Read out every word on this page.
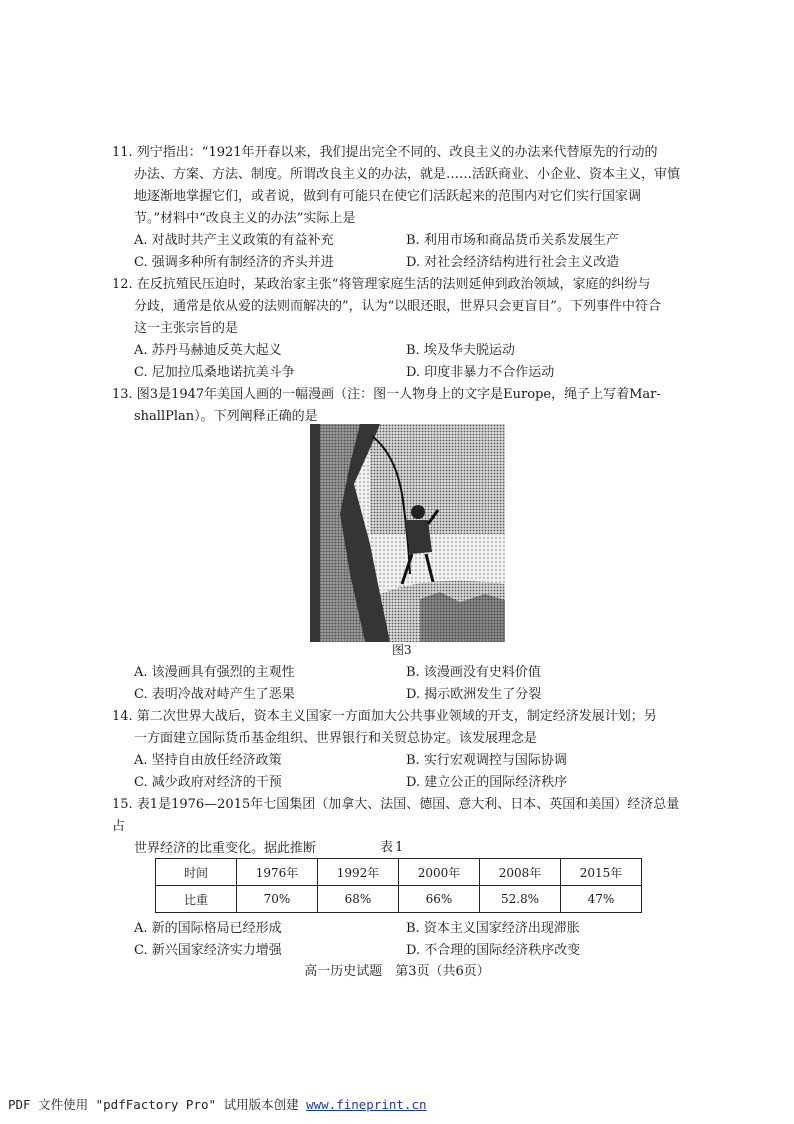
11. 列宁指出：“1921年开春以来，我们提出完全不同的、改良主义的办法来代替原先的行动的

办法、方案、方法、制度。所谓改良主义的办法，就是……活跃商业、小企业、资本主义，审慎

地逐渐地掌握它们，或者说，做到有可能只在使它们活跃起来的范围内对它们实行国家调

节。”材料中“改良主义的办法”实际上是

A. 对战时共产主义政策的有益补充	B. 利用市场和商品货币关系发展生产
C. 强调多种所有制经济的齐头并进	D. 对社会经济结构进行社会主义改造

12. 在反抗殖民压迫时，某政治家主张“将管理家庭生活的法则延伸到政治领域，家庭的纠纷与

分歧，通常是依从爱的法则而解决的”，认为“以眼还眼，世界只会更盲目”。下列事件中符合

这一主张宗旨的是

A. 苏丹马赫迪反英大起义	B. 埃及华夫脱运动
C. 尼加拉瓜桑地诺抗美斗争	D. 印度非暴力不合作运动

13. 图3是1947年美国人画的一幅漫画（注：图一人物身上的文字是Europe，绳子上写着Mar-

shallPlan）。下列阐释正确的是

图3
A. 该漫画具有强烈的主观性	B. 该漫画没有史料价值
C. 表明冷战对峙产生了恶果	D. 揭示欧洲发生了分裂

14. 第二次世界大战后，资本主义国家一方面加大公共事业领域的开支，制定经济发展计划；另

一方面建立国际货币基金组织、世界银行和关贸总协定。该发展理念是

A. 坚持自由放任经济政策	B. 实行宏观调控与国际协调
C. 减少政府对经济的干预	D. 建立公正的国际经济秩序

15. 表1是1976—2015年七国集团（加拿大、法国、德国、意大利、日本、英国和美国）经济总量占

世界经济的比重变化。据此推断	表1
时间	1976年	1992年	2000年	2008年	2015年
比重	70%	68%	66%	52.8%	47%
A. 新的国际格局已经形成	B. 资本主义国家经济出现滞胀
C. 新兴国家经济实力增强	D. 不合理的国际经济秩序改变
高一历史试题　第3页（共6页）
PDF 文件使用 "pdfFactory Pro" 试用版本创建 www.fineprint.cn
